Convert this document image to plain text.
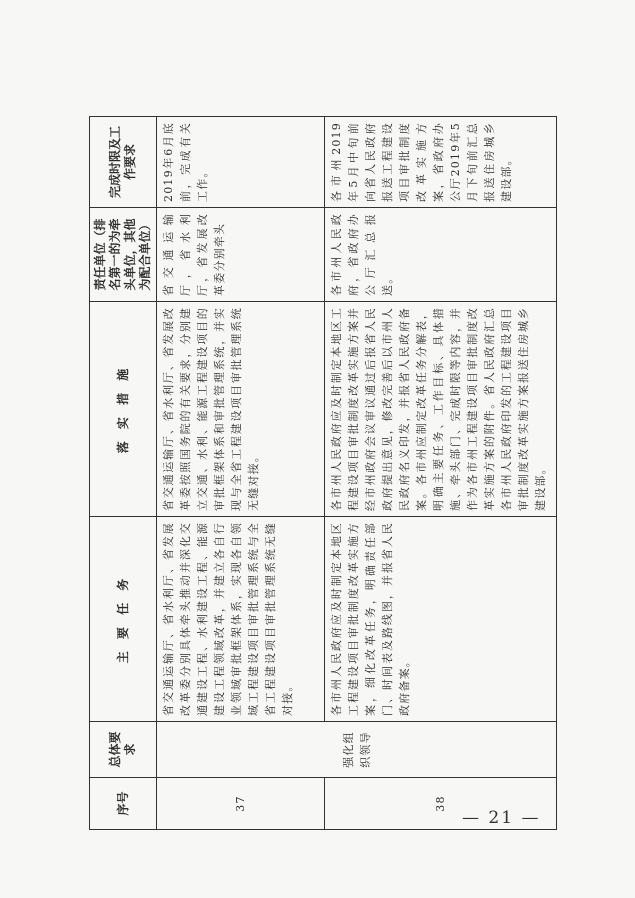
序号	总体要求	主 要 任 务	落 实 措 施	责任单位（排名第一的为牵头单位，其他为配合单位）	完成时限及工作要求
37	强化组织领导	省交通运输厅、省水利厅、省发展改革委分别具体牵头推动并深化交通建设工程、水利建设工程、能源建设工程领域改革，并建立各自行业领域审批框架体系，实现各自领域工程建设项目审批管理系统与全省工程建设项目审批管理系统无缝对接。	省交通运输厅、省水利厅、省发展改革委按照国务院的有关要求，分别建立交通、水利、能源工程建设项目的审批框架体系和审批管理系统，并实现与全省工程建设项目审批管理系统无缝对接。	省交通运输厅，省水利厅，省发展改革委分别牵头	2019年6月底前，完成有关工作。
38		各市州人民政府应及时制定本地区工程建设项目审批制度改革实施方案，细化改革任务，明确责任部门、时间表及路线图，并报省人民政府备案。	各市州人民政府应及时制定本地区工程建设项目审批制度改革实施方案并经市州政府会议审议通过后报省人民政府提出意见，修改完善后以市州人民政府名义印发，并报省人民政府备案。各市州应制定改革任务分解表，明确主要任务、工作目标、具体措施、牵头部门、完成时限等内容，并作为各市州工程建设项目审批制度改革实施方案的附件。省人民政府汇总各市州人民政府印发的工程建设项目审批制度改革实施方案报送住房城乡建设部。	各市州人民政府，省政府办公厅汇总报送。	各市州2019年5月中旬前向省人民政府报送工程建设项目审批制度改革实施方案，省政府办公厅2019年5月下旬前汇总报送住房城乡建设部。
— 21 —
